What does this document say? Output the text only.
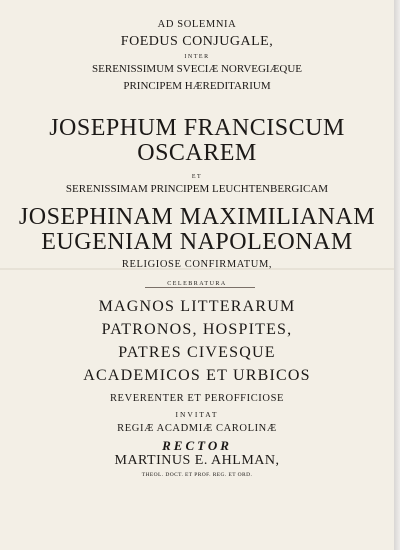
AD SOLEMNIA
FOEDUS CONJUGALE,
INTER
SERENISSIMUM SVECIÆ NORVEGIÆQUE
PRINCIPEM HÆREDITARIUM
JOSEPHUM FRANCISCUM
OSCAREM
ET
SERENISSIMAM PRINCIPEM LEUCHTENBERGICAM
JOSEPHINAM MAXIMILIANAM
EUGENIAM NAPOLEONAM
RELIGIOSE CONFIRMATUM,
CELEBRATURA
MAGNOS LITTERARUM
PATRONOS, HOSPITES,
PATRES CIVESQUE
ACADEMICOS ET URBICOS
REVERENTER ET PEROFFICIOSE
INVITAT
REGIÆ ACADMIÆ CAROLINÆ
RECTOR
MARTINUS E. AHLMAN,
THEOL. DOCT. ET PROF. REG. ET ORD.
